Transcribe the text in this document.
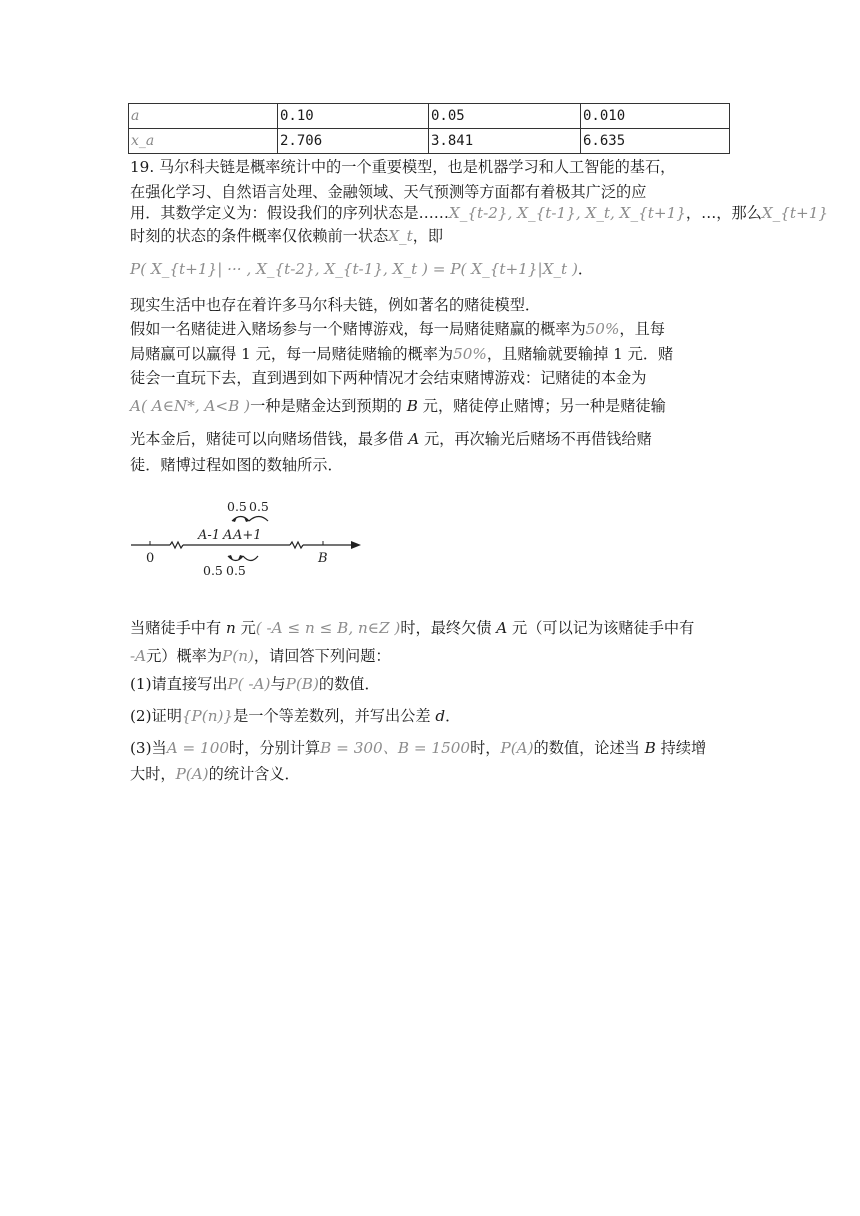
a	0.10	0.05	0.010
x_a	2.706	3.841	6.635
19. 马尔科夫链是概率统计中的一个重要模型，也是机器学习和人工智能的基石，
在强化学习、自然语言处理、金融领域、天气预测等方面都有着极其广泛的应
用．其数学定义为：假设我们的序列状态是……X_{t-2}, X_{t-1}, X_t, X_{t+1}，…，那么X_{t+1}
时刻的状态的条件概率仅依赖前一状态X_t，即
P( X_{t+1}| ··· , X_{t-2}, X_{t-1}, X_t ) = P( X_{t+1}|X_t )．
现实生活中也存在着许多马尔科夫链，例如著名的赌徒模型．
假如一名赌徒进入赌场参与一个赌博游戏，每一局赌徒赌赢的概率为50%，且每
局赌赢可以赢得 1 元，每一局赌徒赌输的概率为50%，且赌输就要输掉 1 元．赌
徒会一直玩下去，直到遇到如下两种情况才会结束赌博游戏：记赌徒的本金为
A( A∈N*, A<B )一种是赌金达到预期的 B 元，赌徒停止赌博；另一种是赌徒输
光本金后，赌徒可以向赌场借钱，最多借 A 元，再次输光后赌场不再借钱给赌
徒．赌博过程如图的数轴所示．
0.5 0.5
A-1 A A+1
0	B
0.5 0.5
当赌徒手中有 n 元( -A ≤ n ≤ B, n∈Z )时，最终欠债 A 元（可以记为该赌徒手中有
-A元）概率为P(n)，请回答下列问题：
(1)请直接写出P( -A)与P(B)的数值．
(2)证明{P(n)}是一个等差数列，并写出公差 d．
(3)当A = 100时，分别计算B = 300、B = 1500时，P(A)的数值，论述当 B 持续增
大时，P(A)的统计含义．
